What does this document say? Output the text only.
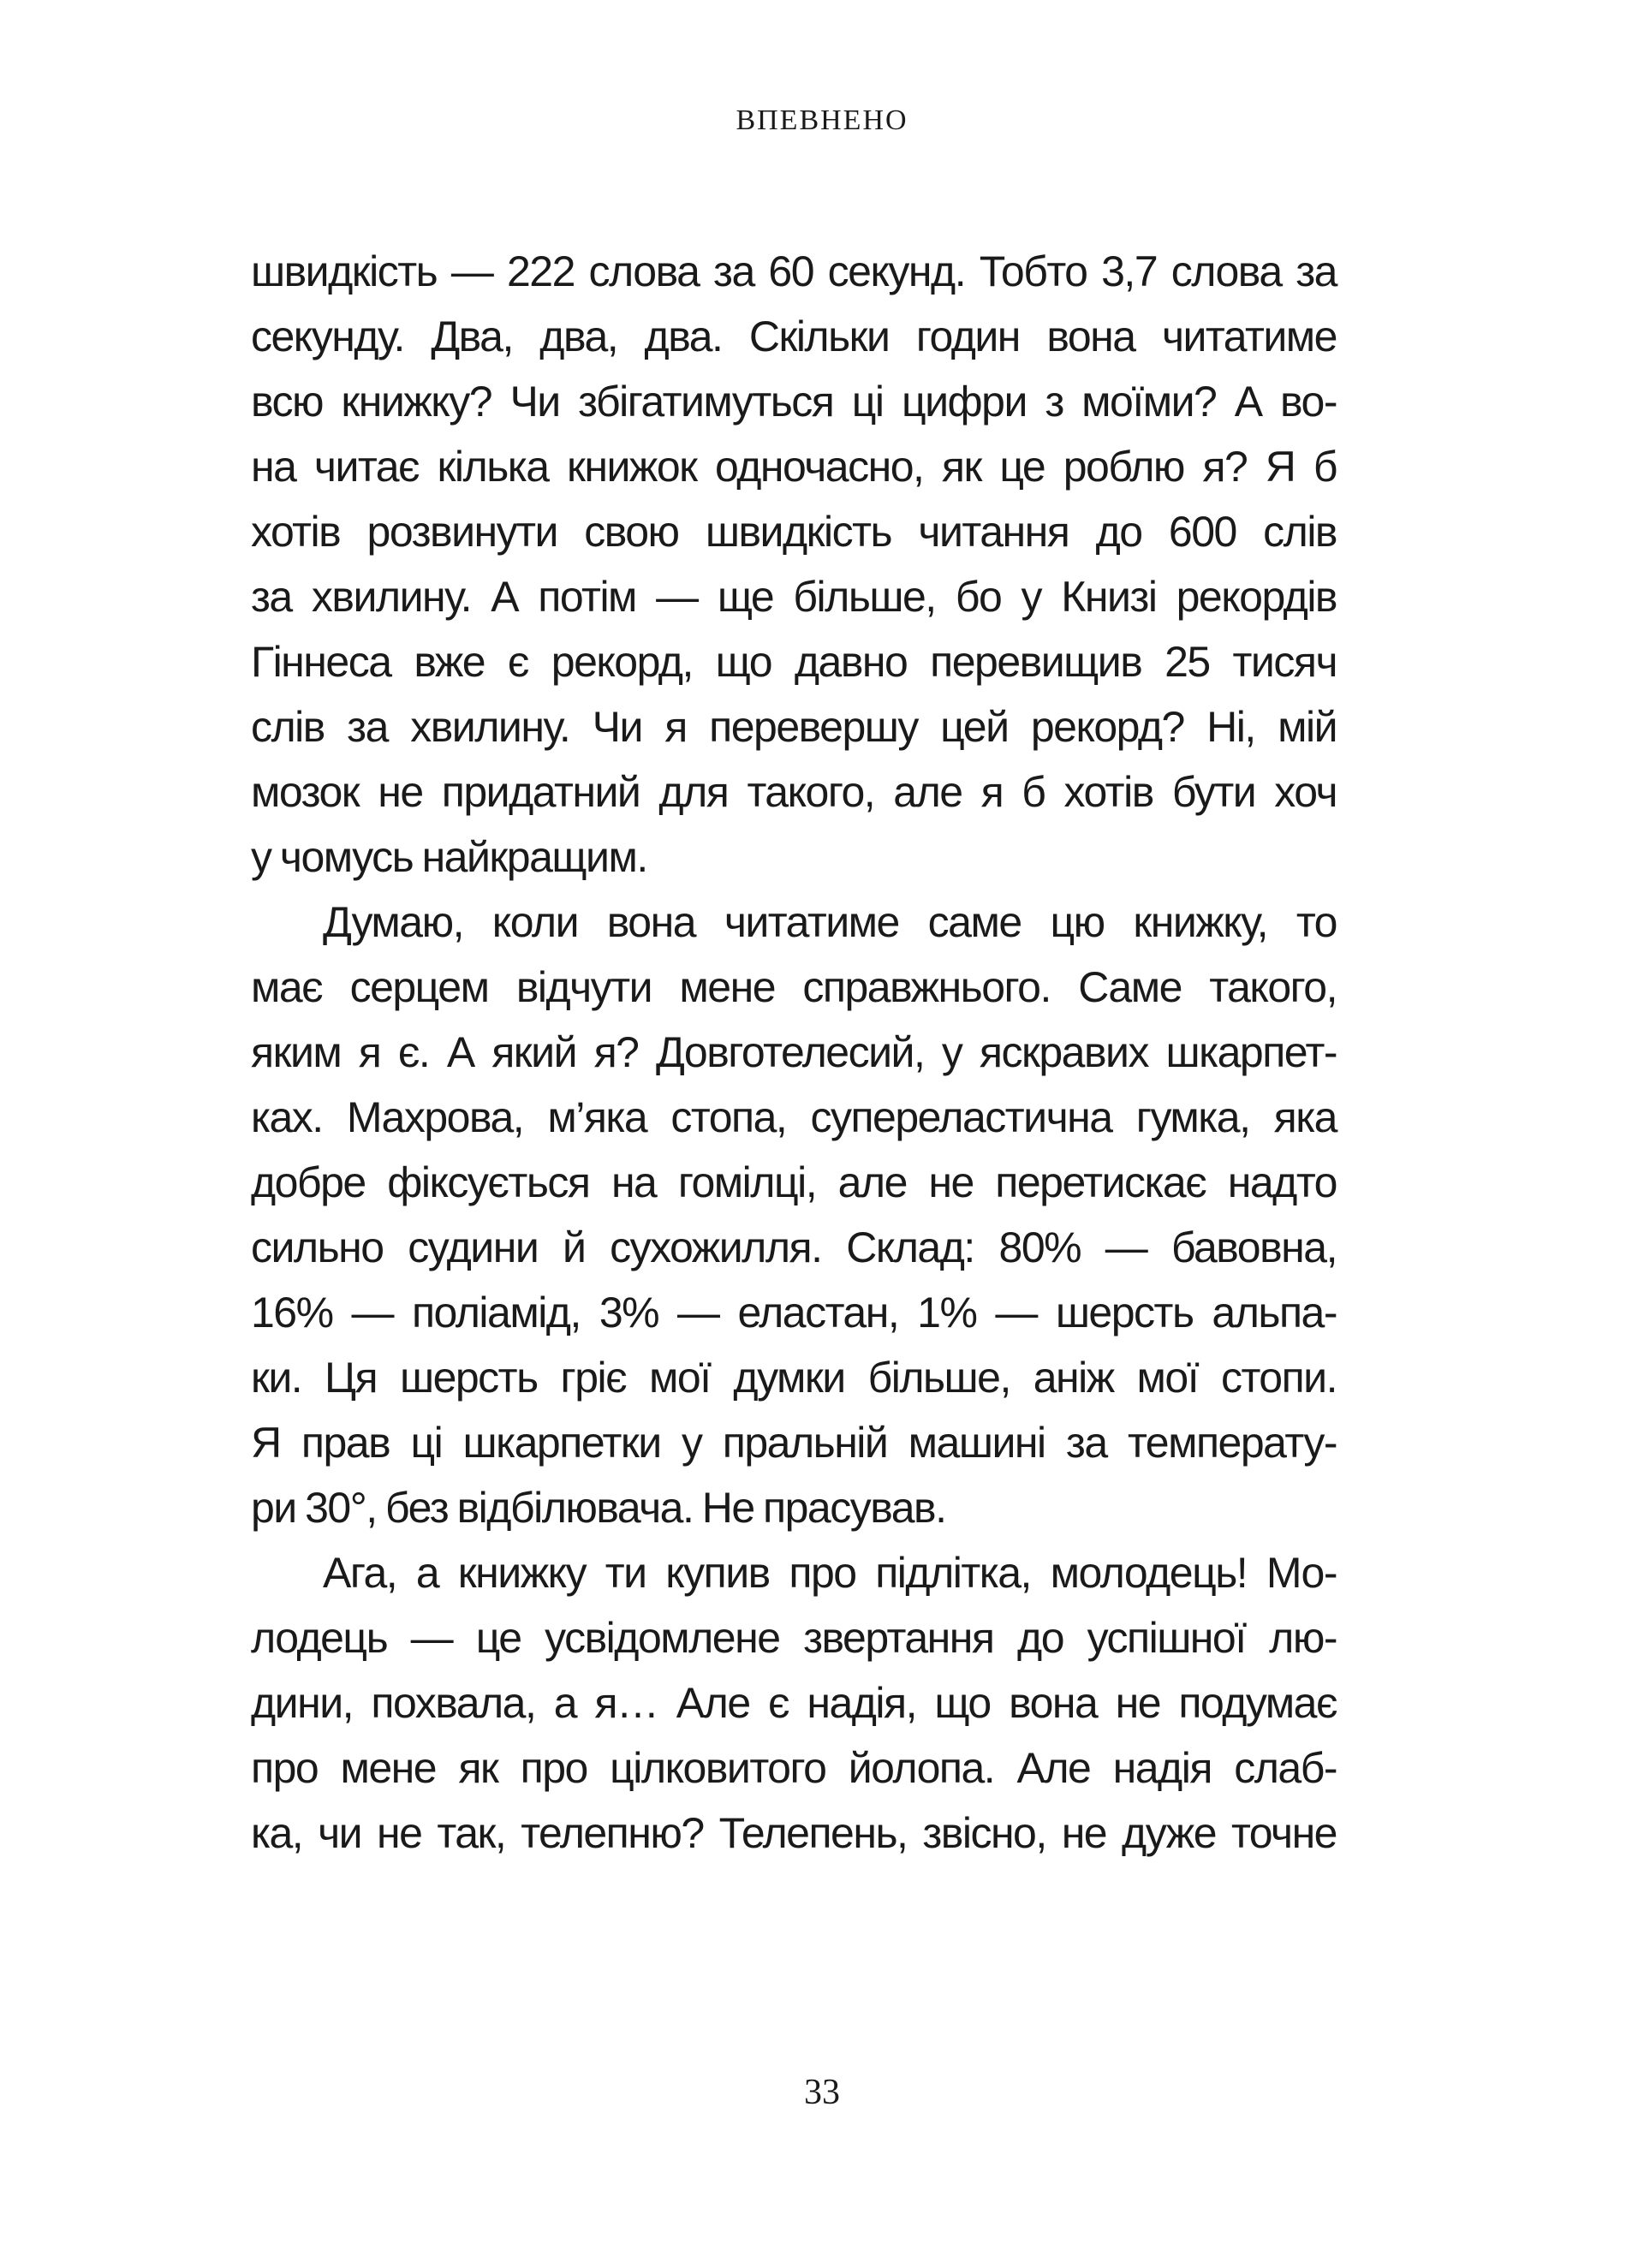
ВПЕВНЕНО
швидкість — 222 слова за 60 секунд. Тобто 3,7 слова за
секунду. Два, два, два. Скільки годин вона читатиме
всю книжку? Чи збігатимуться ці цифри з моїми? А во-
на читає кілька книжок одночасно, як це роблю я? Я б
хотів розвинути свою швидкість читання до 600 слів
за хвилину. А потім — ще більше, бо у Книзі рекордів
Гіннеса вже є рекорд, що давно перевищив 25 тисяч
слів за хвилину. Чи я перевершу цей рекорд? Ні, мій
мозок не придатний для такого, але я б хотів бути хоч
у чомусь найкращим.
Думаю, коли вона читатиме саме цю книжку, то
має серцем відчути мене справжнього. Саме такого,
яким я є. А який я? Довготелесий, у яскравих шкарпет-
ках. Махрова, м’яка стопа, супереластична гумка, яка
добре фіксується на гомілці, але не перетискає надто
сильно судини й сухожилля. Склад: 80% — бавовна,
16% — поліамід, 3% — еластан, 1% — шерсть альпа-
ки. Ця шерсть гріє мої думки більше, аніж мої стопи.
Я прав ці шкарпетки у пральній машині за температу-
ри 30°, без відбілювача. Не прасував.
Ага, а книжку ти купив про підлітка, молодець! Мо-
лодець — це усвідомлене звертання до успішної лю-
дини, похвала, а я… Але є надія, що вона не подумає
про мене як про цілковитого йолопа. Але надія слаб-
ка, чи не так, телепню? Телепень, звісно, не дуже точне
33
